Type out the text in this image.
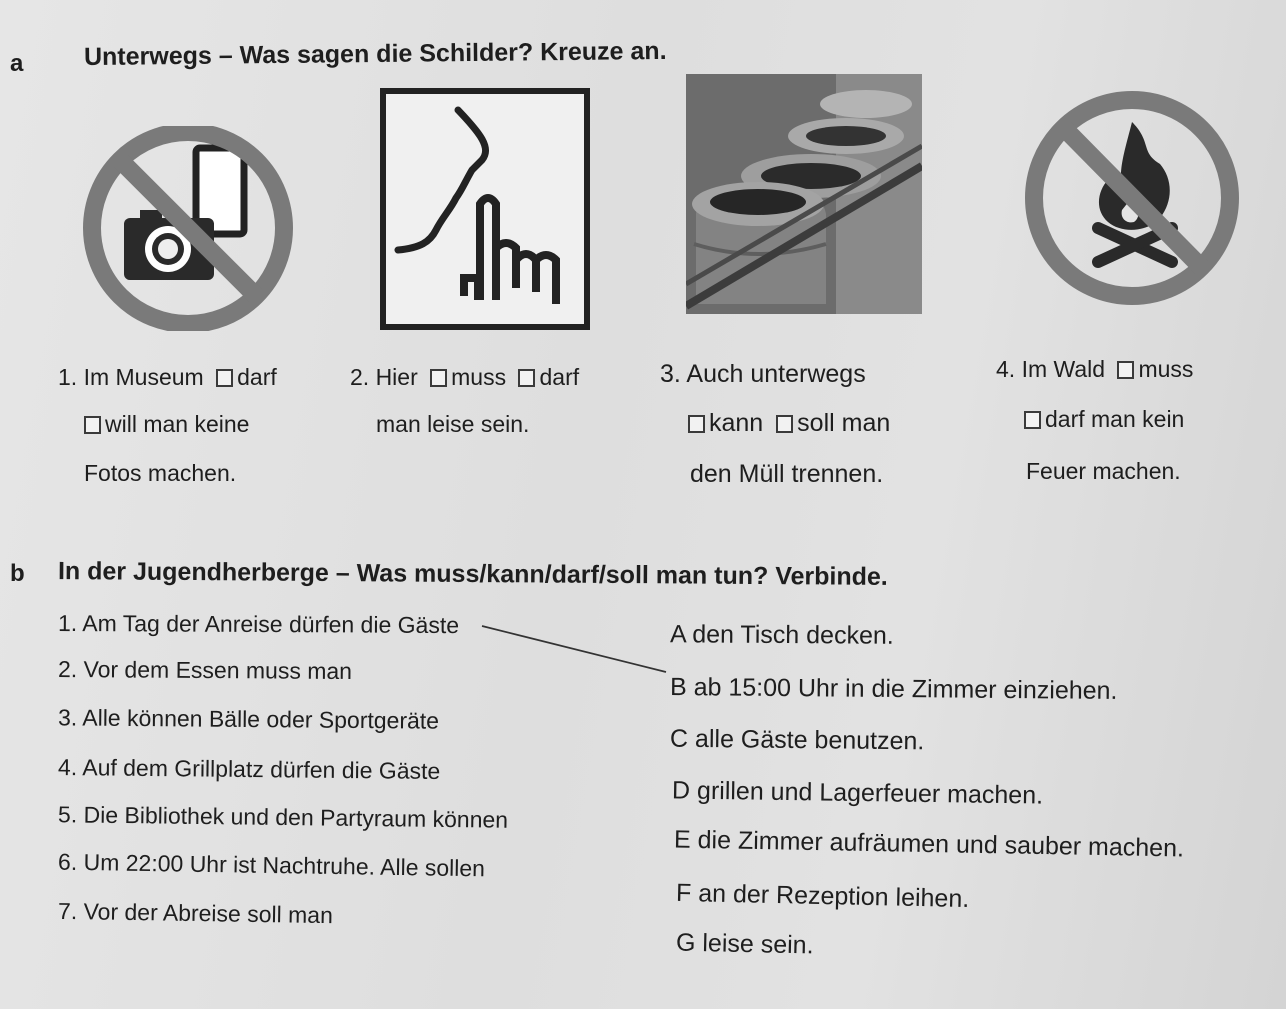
a Unterwegs – Was sagen die Schilder? Kreuze an.
1. Im Museum darf
will man keine
Fotos machen.
2. Hier muss darf
man leise sein.
3. Auch unterwegs
kann soll man
den Müll trennen.
4. Im Wald muss
darf man kein
Feuer machen.
b In der Jugendherberge – Was muss/kann/darf/soll man tun? Verbinde.
1. Am Tag der Anreise dürfen die Gäste
2. Vor dem Essen muss man
3. Alle können Bälle oder Sportgeräte
4. Auf dem Grillplatz dürfen die Gäste
5. Die Bibliothek und den Partyraum können
6. Um 22:00 Uhr ist Nachtruhe. Alle sollen
7. Vor der Abreise soll man
A den Tisch decken.
B ab 15:00 Uhr in die Zimmer einziehen.
C alle Gäste benutzen.
D grillen und Lagerfeuer machen.
E die Zimmer aufräumen und sauber machen.
F an der Rezeption leihen.
G leise sein.
